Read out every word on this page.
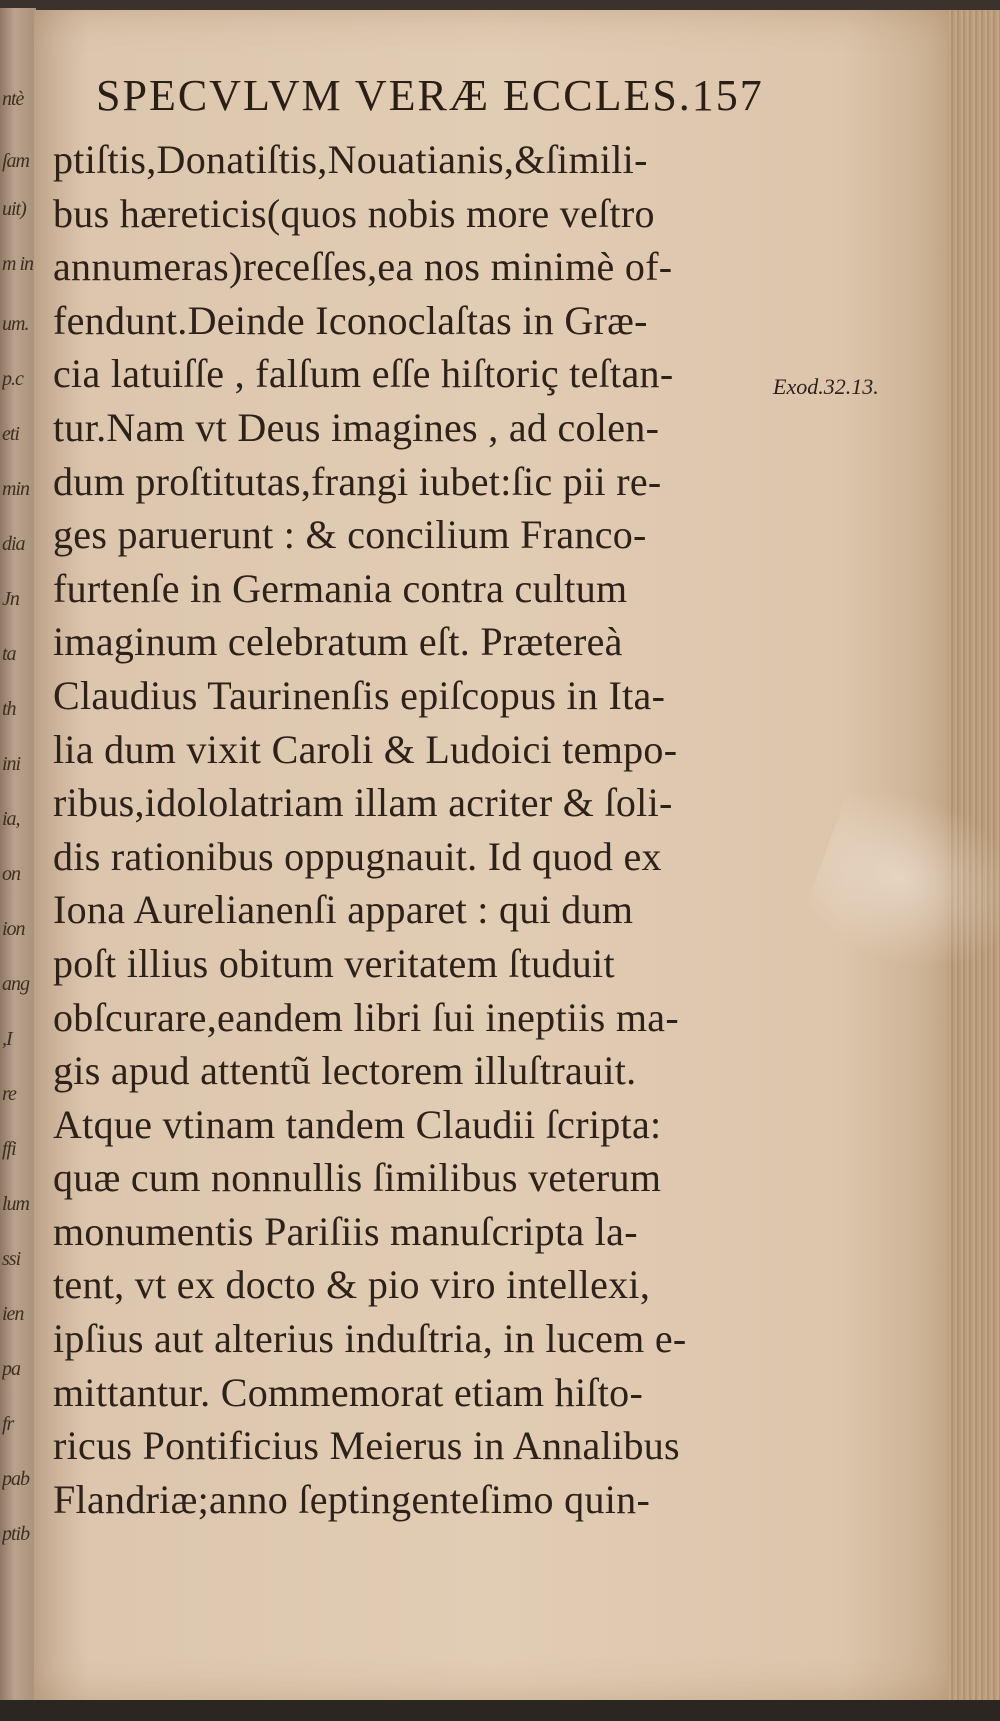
ntè
ſam
uit)
m in
um.
p.c
eti
min
dia
Jn
ta
th
ini
ia,
on
ion
ang
,I
re
ffi
lum
ssi
ien
pa
fr
pab
ptib
SPECVLVM VERÆ ECCLES.157
Exod.32.13.
ptiſtis,Donatiſtis,Nouatianis,&ſimili-
bus hæreticis(quos nobis more veſtro
annumeras)receſſes,ea nos minimè of-
fendunt.Deinde Iconoclaſtas in Græ-
cia latuiſſe , falſum eſſe hiſtoriç teſtan-
tur.Nam vt Deus imagines , ad colen-
dum proſtitutas,frangi iubet:ſic pii re-
ges paruerunt : & concilium Franco-
furtenſe in Germania contra cultum
imaginum celebratum eſt. Prætereà
Claudius Taurinenſis epiſcopus in Ita-
lia dum vixit Caroli & Ludoici tempo-
ribus,idololatriam illam acriter & ſoli-
dis rationibus oppugnauit. Id quod ex
Iona Aurelianenſi apparet : qui dum
poſt illius obitum veritatem ſtuduit
obſcurare,eandem libri ſui ineptiis ma-
gis apud attentũ lectorem illuſtrauit.
Atque vtinam tandem Claudii ſcripta:
quæ cum nonnullis ſimilibus veterum
monumentis Pariſiis manuſcripta la-
tent, vt ex docto & pio viro intellexi,
ipſius aut alterius induſtria, in lucem e-
mittantur. Commemorat etiam hiſto-
ricus Pontificius Meierus in Annalibus
Flandriæ;anno ſeptingenteſimo quin-
